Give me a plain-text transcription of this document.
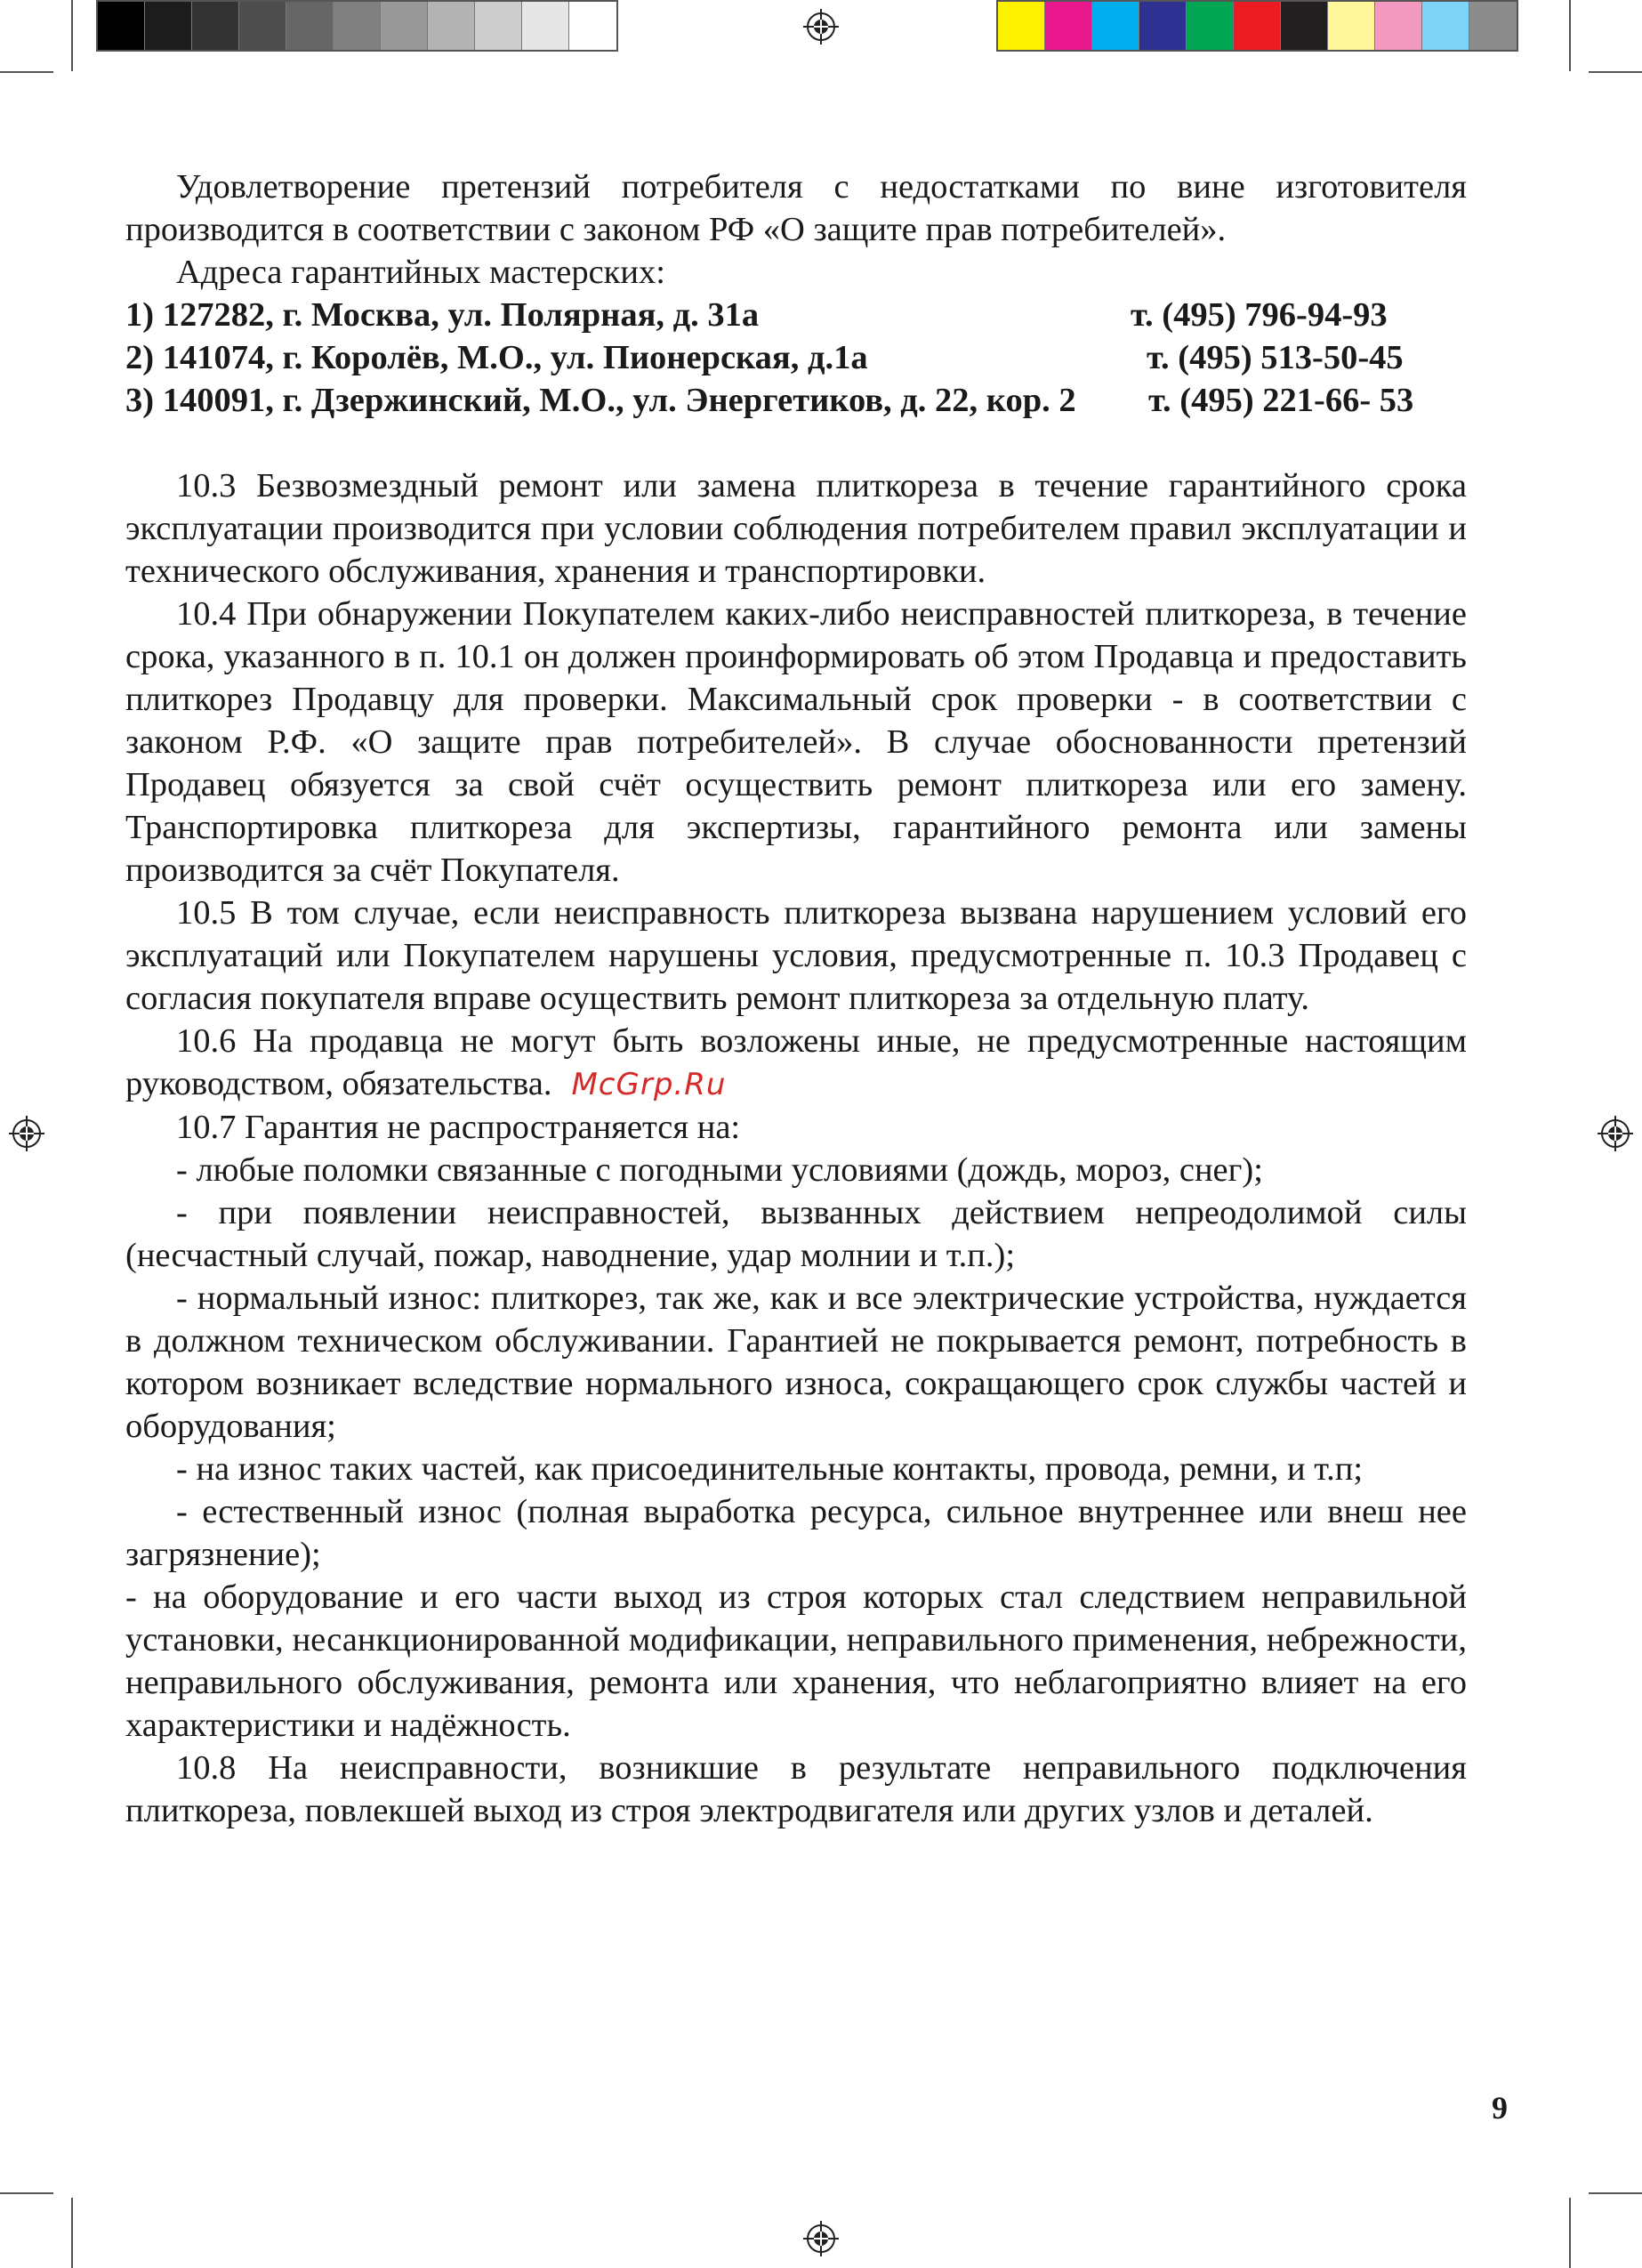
Удовлетворение претензий потребителя с недостатками по вине изготовителя производится в соответствии с законом РФ «О защите прав потребителей».

Адреса гарантийных мастерских:

1) 127282, г. Москва, ул. Полярная, д. 31а	т. (495) 796-94-93
2) 141074, г. Королёв, М.О., ул. Пионерская, д.1а	т. (495) 513-50-45
3) 140091, г. Дзержинский, М.О., ул. Энергетиков, д. 22, кор. 2	т. (495) 221-66- 53

10.3 Безвозмездный ремонт или замена плиткореза в течение гарантийного срока эксплуатации производится при условии соблюдения потребителем правил эксплуатации и технического обслуживания, хранения и транспортировки.

10.4 При обнаружении Покупателем каких-либо неисправностей плиткореза, в течение срока, указанного в п. 10.1 он должен проинформировать об этом Продавца и предоставить плиткорез Продавцу для проверки. Максимальный срок проверки - в соответствии с законом Р.Ф. «О защите прав потребителей». В случае обоснованности претензий Продавец обязуется за свой счёт осуществить ремонт плиткореза или его замену. Транспортировка плиткореза для экспертизы, гарантийного ремонта или замены производится за счёт Покупателя.

10.5 В том случае, если неисправность плиткореза вызвана нарушением условий его эксплуатаций или Покупателем нарушены условия, предусмотренные п. 10.3 Продавец с согласия покупателя вправе осуществить ремонт плиткореза за отдельную плату.

10.6 На продавца не могут быть возложены иные, не предусмотренные настоящим руководством, обязательства. McGrp.Ru

10.7 Гарантия не распространяется на:

- любые поломки связанные с погодными условиями (дождь, мороз, снег);

- при появлении неисправностей, вызванных действием непреодолимой силы (несчастный случай, пожар, наводнение, удар молнии и т.п.);

- нормальный износ: плиткорез, так же, как и все электрические устройства, нуждается в должном техническом обслуживании. Гарантией не покрывается ремонт, потребность в котором возникает вследствие нормального износа, сокращающего срок службы частей и оборудования;

- на износ таких частей, как присоединительные контакты, провода, ремни, и т.п;

- естественный износ (полная выработка ресурса, сильное внутреннее или внеш нее загрязнение);

- на оборудование и его части выход из строя которых стал следствием неправильной установки, несанкционированной модификации, неправильного применения, небрежности, неправильного обслуживания, ремонта или хранения, что неблагоприятно влияет на его характеристики и надёжность.

10.8 На неисправности, возникшие в результате неправильного подключения плиткореза, повлекшей выход из строя электродвигателя или других узлов и деталей.

9
